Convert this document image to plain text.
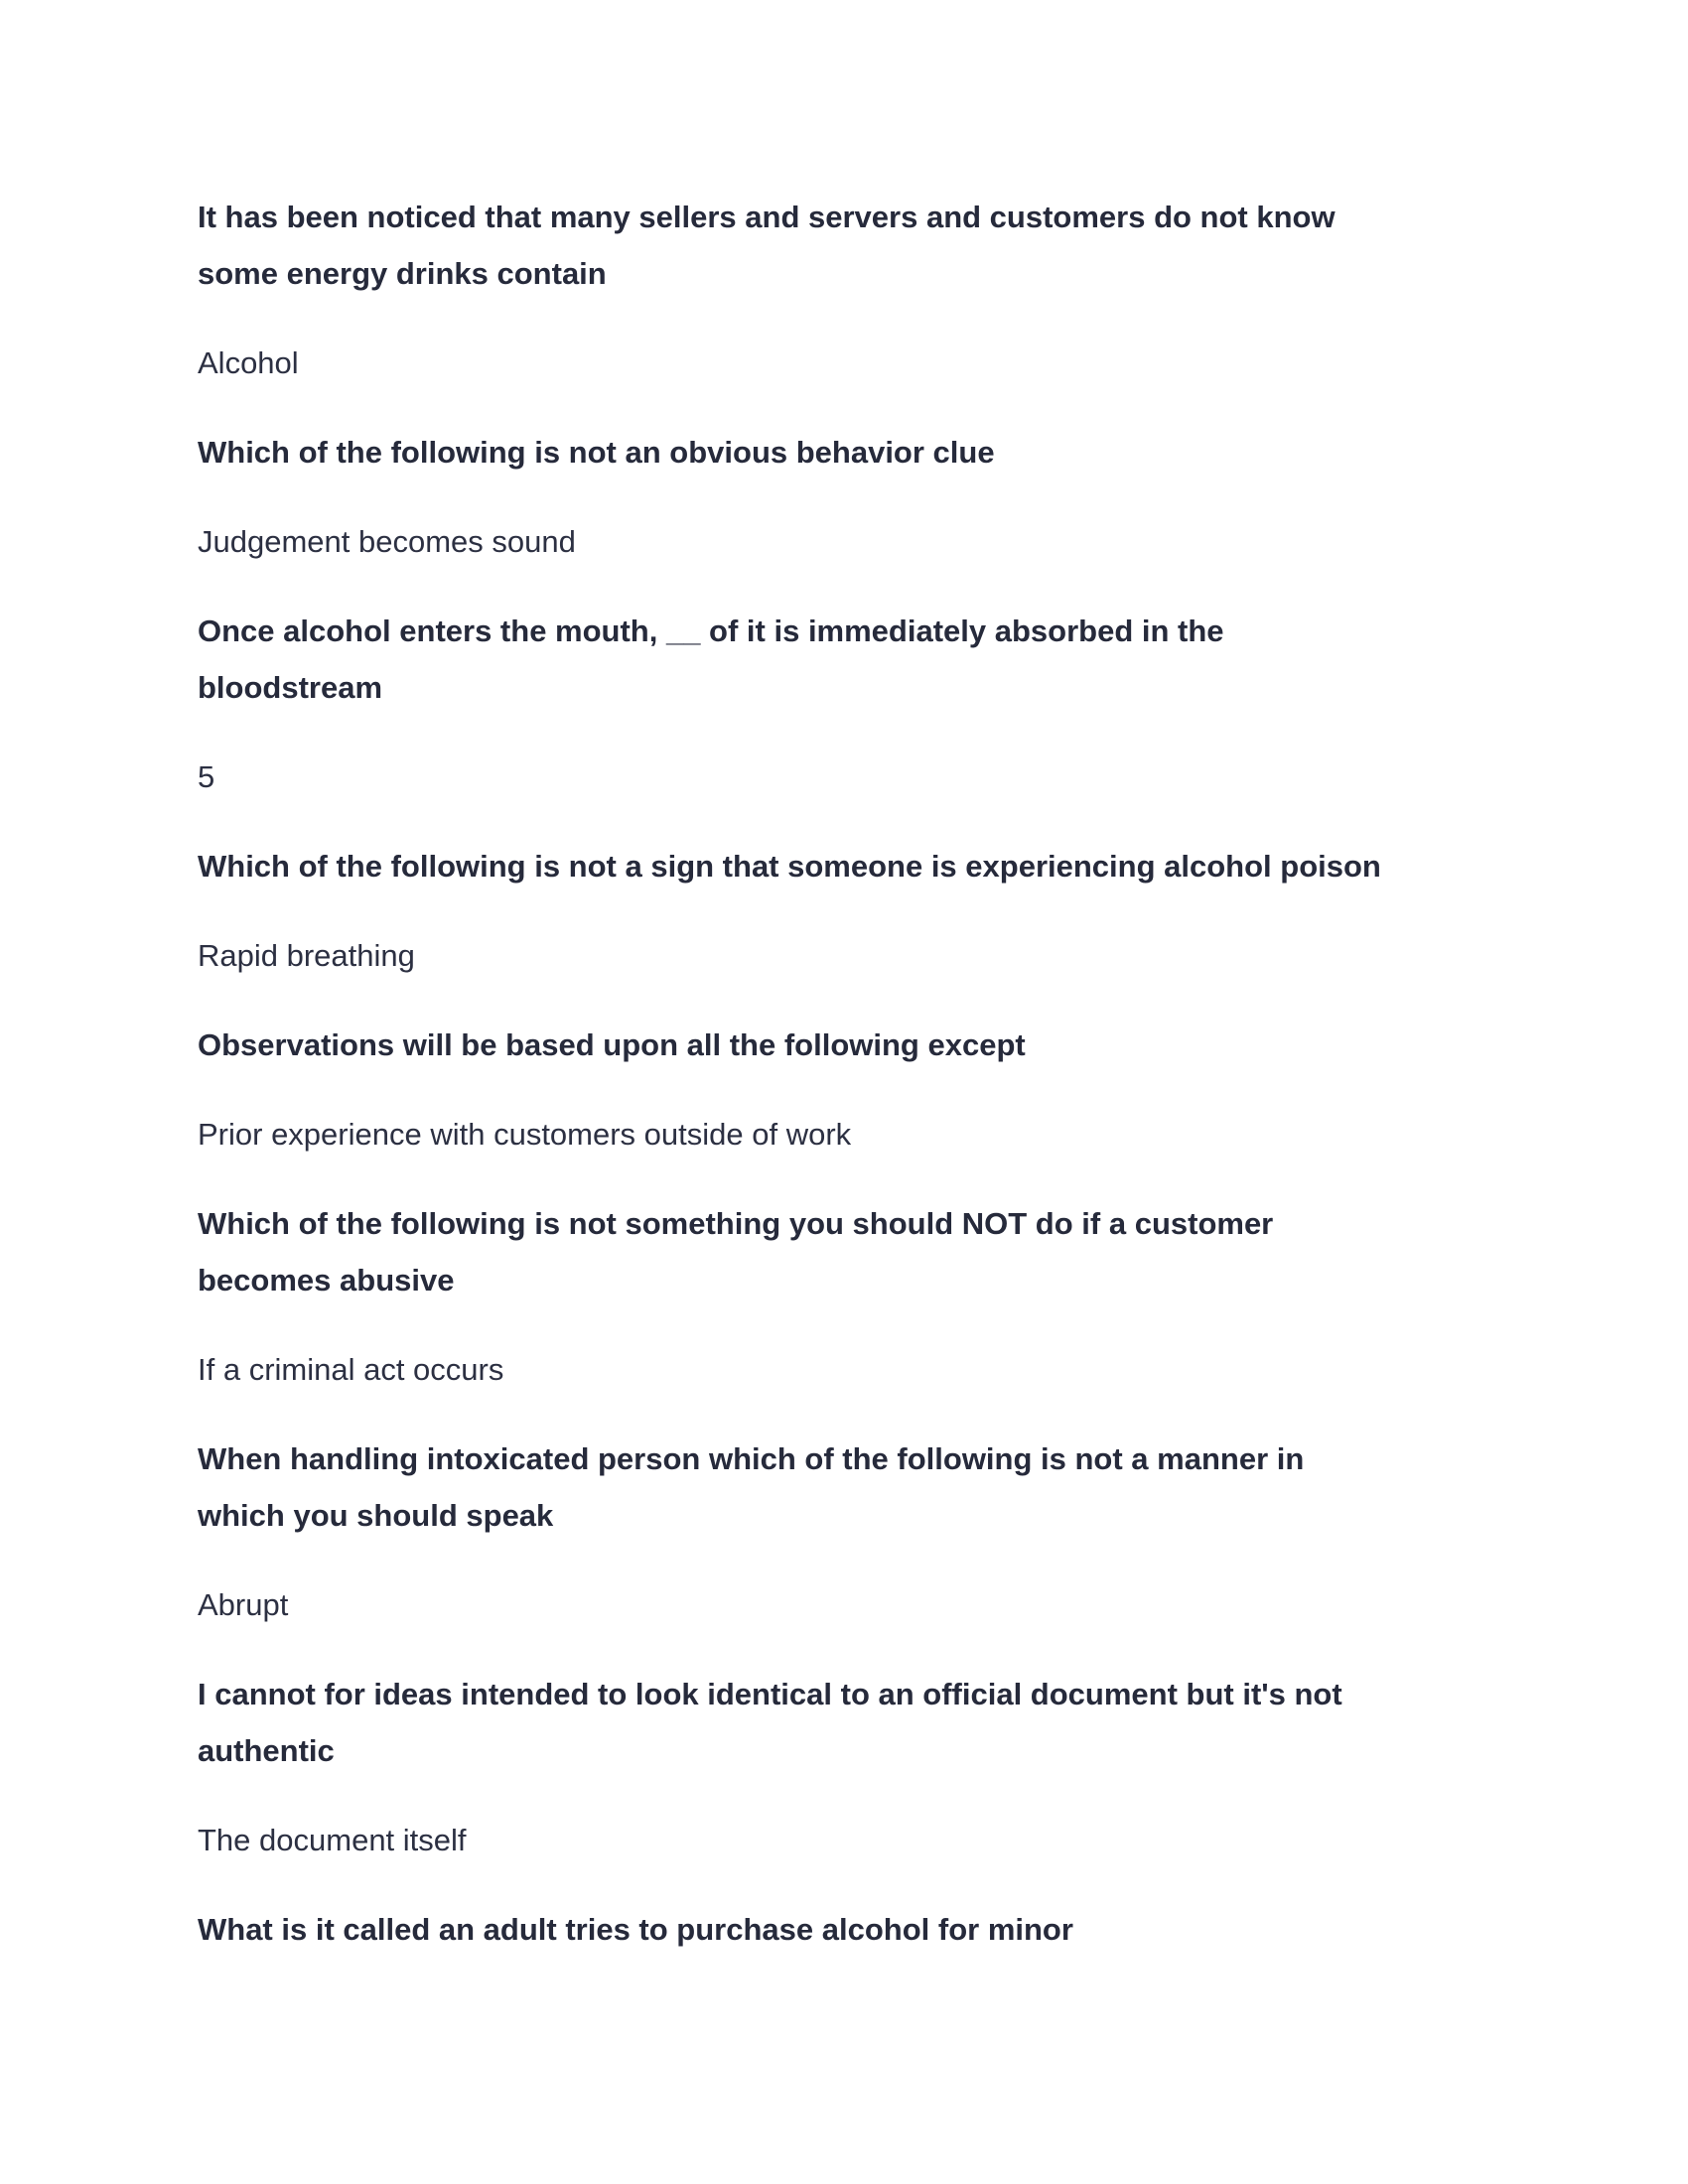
It has been noticed that many sellers and servers and customers do not know
some energy drinks contain

Alcohol

Which of the following is not an obvious behavior clue

Judgement becomes sound

Once alcohol enters the mouth, __ of it is immediately absorbed in the
bloodstream

5

Which of the following is not a sign that someone is experiencing alcohol poison

Rapid breathing

Observations will be based upon all the following except

Prior experience with customers outside of work

Which of the following is not something you should NOT do if a customer
becomes abusive

If a criminal act occurs

When handling intoxicated person which of the following is not a manner in
which you should speak

Abrupt

I cannot for ideas intended to look identical to an official document but it's not
authentic

The document itself

What is it called an adult tries to purchase alcohol for minor
